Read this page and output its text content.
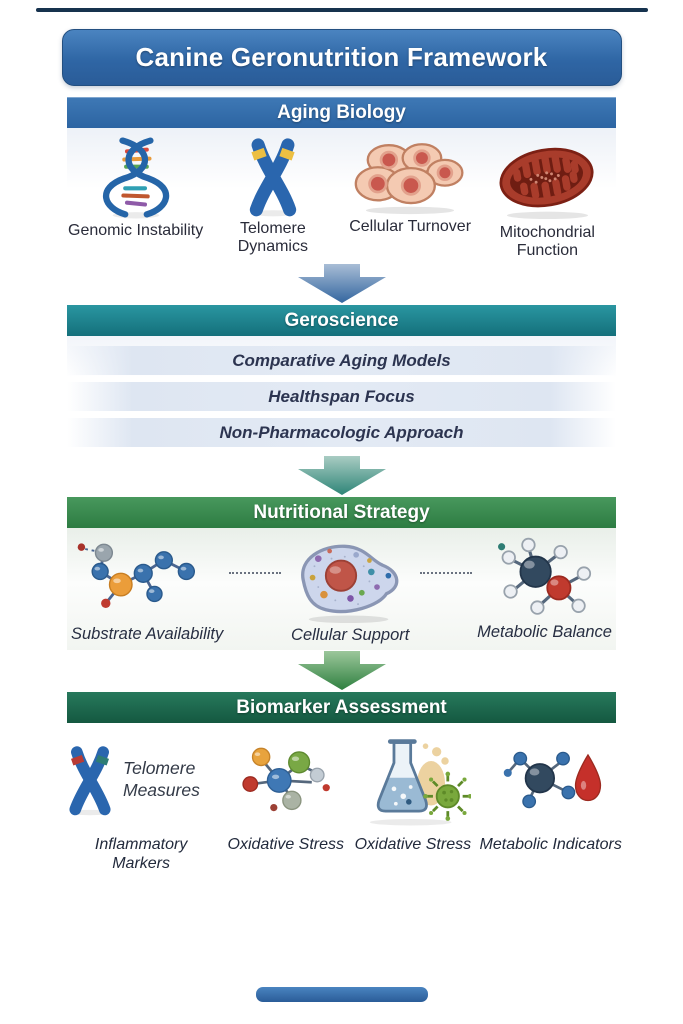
Canine Geronutrition Framework
Aging Biology
Genomic Instability	Telomere Dynamics
Cellular Turnover	Mitochondrial Function
Geroscience
Comparative Aging Models
Healthspan Focus
Non-Pharmacologic Approach
Nutritional Strategy
Substrate Availability	Cellular Support	Metabolic Balance
Biomarker Assessment
Telomere Measures
Inflammatory Markers
Oxidative Stress Oxidative Stress Metabolic Indicators
